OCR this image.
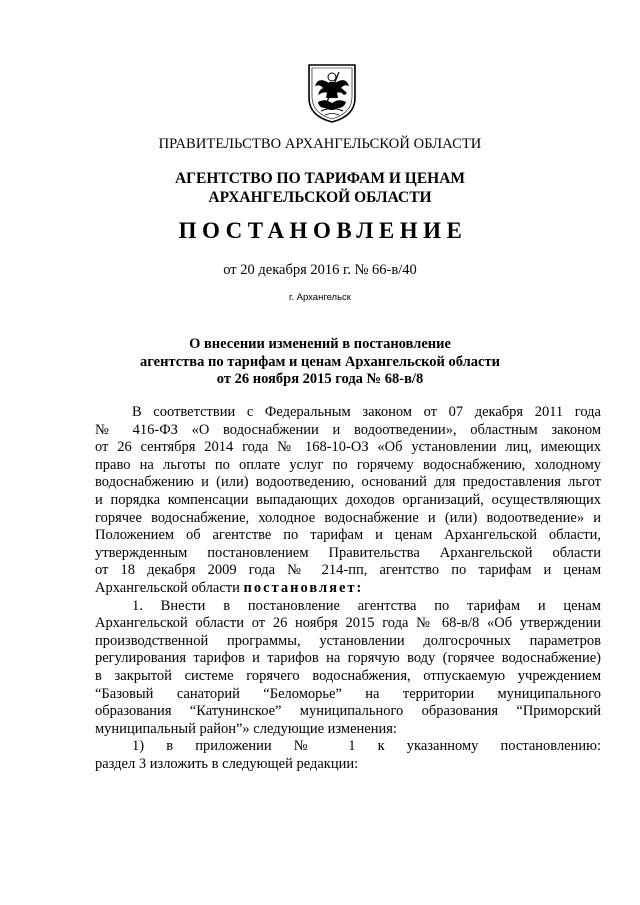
ПРАВИТЕЛЬСТВО АРХАНГЕЛЬСКОЙ ОБЛАСТИ
АГЕНТСТВО ПО ТАРИФАМ И ЦЕНАМ
АРХАНГЕЛЬСКОЙ ОБЛАСТИ
ПОСТАНОВЛЕНИЕ
от 20 декабря 2016 г. № 66-в/40
г. Архангельск
О внесении изменений в постановление
агентства по тарифам и ценам Архангельской области
от 26 ноября 2015 года № 68-в/8

В соответствии с Федеральным законом от 07 декабря 2011 года

№ 416-ФЗ «О водоснабжении и водоотведении», областным законом

от 26 сентября 2014 года № 168-10-ОЗ «Об установлении лиц, имеющих

право на льготы по оплате услуг по горячему водоснабжению, холодному

водоснабжению и (или) водоотведению, оснований для предоставления льгот

и порядка компенсации выпадающих доходов организаций, осуществляющих

горячее водоснабжение, холодное водоснабжение и (или) водоотведение» и

Положением об агентстве по тарифам и ценам Архангельской области,

утвержденным постановлением Правительства Архангельской области

от 18 декабря 2009 года № 214-пп, агентство по тарифам и ценам

Архангельской области постановляет:

1. Внести в постановление агентства по тарифам и ценам

Архангельской области от 26 ноября 2015 года № 68-в/8 «Об утверждении

производственной программы, установлении долгосрочных параметров

регулирования тарифов и тарифов на горячую воду (горячее водоснабжение)

в закрытой системе горячего водоснабжения, отпускаемую учреждением

“Базовый санаторий “Беломорье” на территории муниципального

образования “Катунинское” муниципального образования “Приморский

муниципальный район”» следующие изменения:

1) в приложении № 1 к указанному постановлению:

раздел 3 изложить в следующей редакции:
